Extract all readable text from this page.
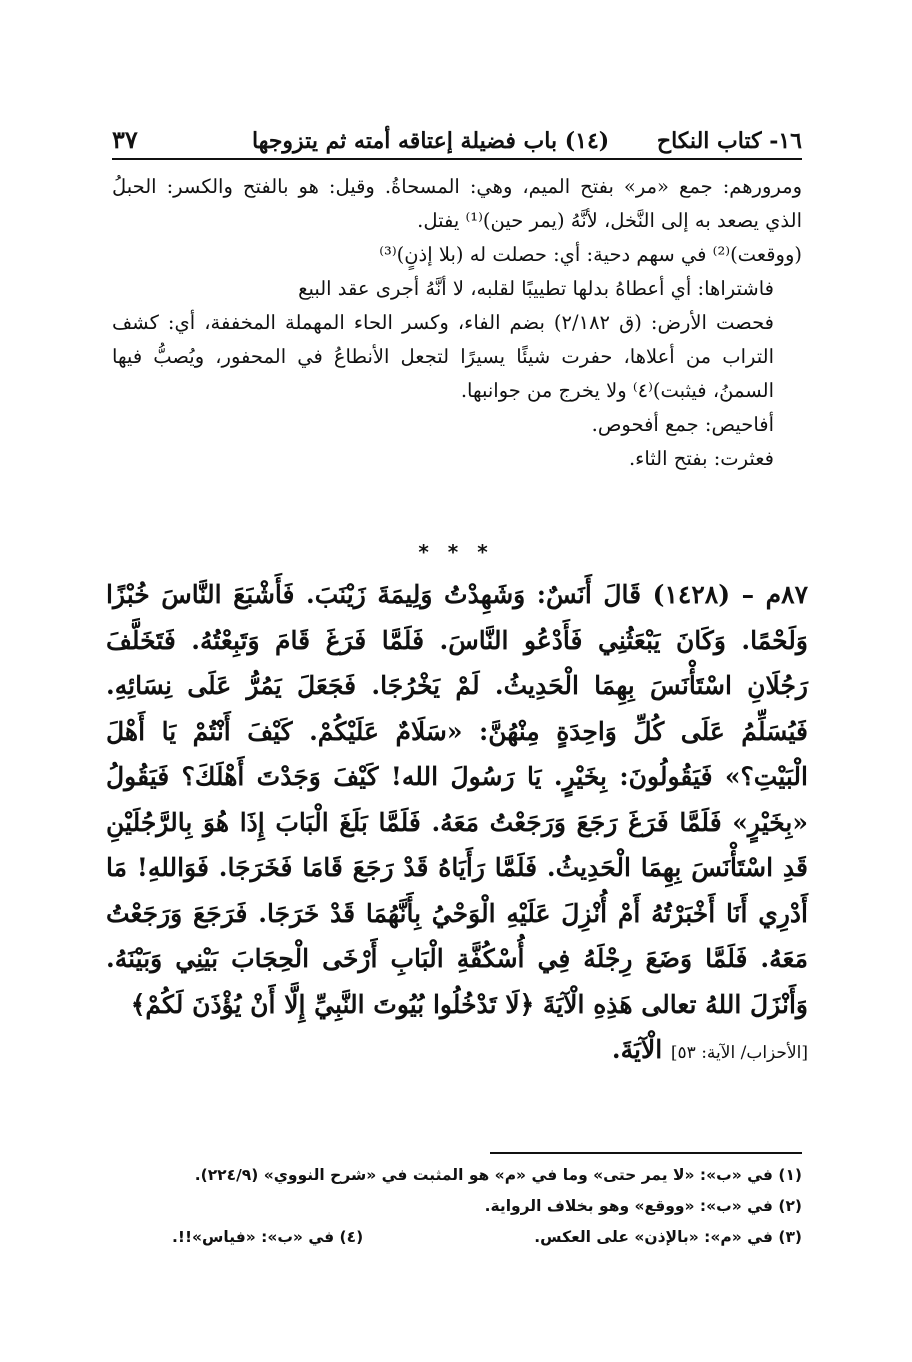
١٦- كتاب النكاح (١٤) باب فضيلة إعتاقه أمته ثم يتزوجها
٣٧

ومرورهم: جمع «مر» بفتح الميم، وهي: المسحاةُ. وقيل: هو بالفتح والكسر: الحبلُ الذي يصعد به إلى النَّخل، لأنَّهُ (يمر حين)⁽¹⁾ يفتل.

(ووقعت)⁽²⁾ في سهم دحية: أي: حصلت له (بلا إذنٍ)⁽³⁾

فاشتراها: أي أعطاهُ بدلها تطييبًا لقلبه، لا أنَّهُ أجرى عقد البيع

فحصت الأرض: (ق ٢/١٨٢) بضم الفاء، وكسر الحاء المهملة المخففة، أي: كشف التراب من أعلاها، حفرت شيئًا يسيرًا لتجعل الأنطاعُ في المحفور، ويُصبُّ فيها السمنُ، فيثبت)⁽٤⁾ ولا يخرج من جوانبها.

أفاحيص: جمع أفحوص.

فعثرت: بفتح الثاء.

* * *
٨٧م – (١٤٢٨) قَالَ أَنَسٌ: وَشَهِدْتُ وَلِيمَةَ زَيْنَبَ. فَأَشْبَعَ النَّاسَ خُبْزًا وَلَحْمًا. وَكَانَ يَبْعَثُنِي فَأَدْعُو النَّاسَ. فَلَمَّا فَرَغَ قَامَ وَتَبِعْتُهُ. فَتَخَلَّفَ رَجُلَانِ اسْتَأْنَسَ بِهِمَا الْحَدِيثُ. لَمْ يَخْرُجَا. فَجَعَلَ يَمُرُّ عَلَى نِسَائِهِ. فَيُسَلِّمُ عَلَى كُلِّ وَاحِدَةٍ مِنْهُنَّ: «سَلَامٌ عَلَيْكُمْ. كَيْفَ أَنْتُمْ يَا أَهْلَ الْبَيْتِ؟» فَيَقُولُونَ: بِخَيْرٍ. يَا رَسُولَ الله! كَيْفَ وَجَدْتَ أَهْلَكَ؟ فَيَقُولُ «بِخَيْرٍ» فَلَمَّا فَرَغَ رَجَعَ وَرَجَعْتُ مَعَهُ. فَلَمَّا بَلَغَ الْبَابَ إِذَا هُوَ بِالرَّجُلَيْنِ قَدِ اسْتَأْنَسَ بِهِمَا الْحَدِيثُ. فَلَمَّا رَأَيَاهُ قَدْ رَجَعَ قَامَا فَخَرَجَا. فَوَاللهِ! مَا أَدْرِي أَنَا أَخْبَرْتُهُ أَمْ أُنْزِلَ عَلَيْهِ الْوَحْيُ بِأَنَّهُمَا قَدْ خَرَجَا. فَرَجَعَ وَرَجَعْتُ مَعَهُ. فَلَمَّا وَضَعَ رِجْلَهُ فِي أُسْكُفَّةِ الْبَابِ أَرْخَى الْحِجَابَ بَيْنِي وَبَيْنَهُ. وَأَنْزَلَ اللهُ تعالى هَذِهِ الْآيَةَ ﴿لَا تَدْخُلُوا بُيُوتَ النَّبِيِّ إِلَّا أَنْ يُؤْذَنَ لَكُمْ﴾
[الأحزاب/ الآية: ٥٣] الْآيَةَ.
(١) في «ب»: «لا يمر حتى» وما في «م» هو المثبت في «شرح النووي» (٢٢٤/٩).
(٢) في «ب»: «ووقع» وهو بخلاف الرواية.
(٣) في «م»: «بالإذن» على العكس.
(٤) في «ب»: «فياس»!!.
